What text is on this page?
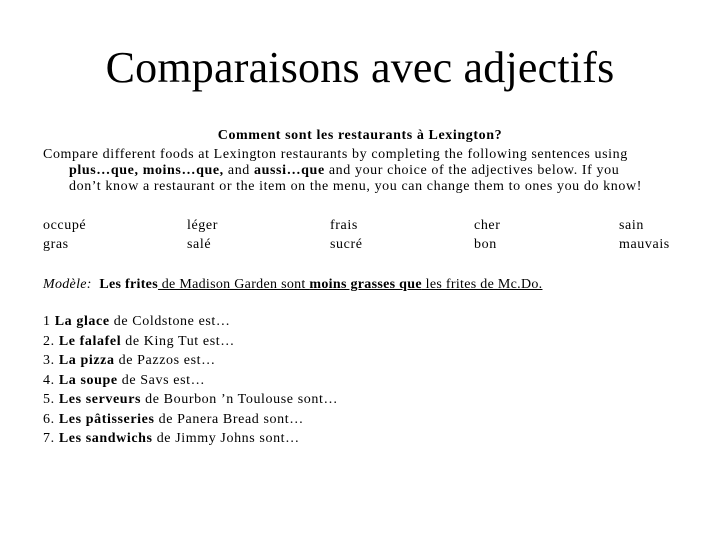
Comparaisons avec adjectifs
Comment sont les restaurants à Lexington?
Compare different foods at Lexington restaurants by completing the following sentences using
plus…que, moins…que, and aussi…que and your choice of the adjectives below. If you
don’t know a restaurant or the item on the menu, you can change them to ones you do know!
occupé
gras
léger
salé
frais
sucré
cher
bon
sain
mauvais
Modèle: Les frites de Madison Garden sont moins grasses que les frites de Mc.Do.
1 La glace de Coldstone est…
2. Le falafel de King Tut est…
3. La pizza de Pazzos est…
4. La soupe de Savs est…
5. Les serveurs de Bourbon ’n Toulouse sont…
6. Les pâtisseries de Panera Bread sont…
7. Les sandwichs de Jimmy Johns sont…
